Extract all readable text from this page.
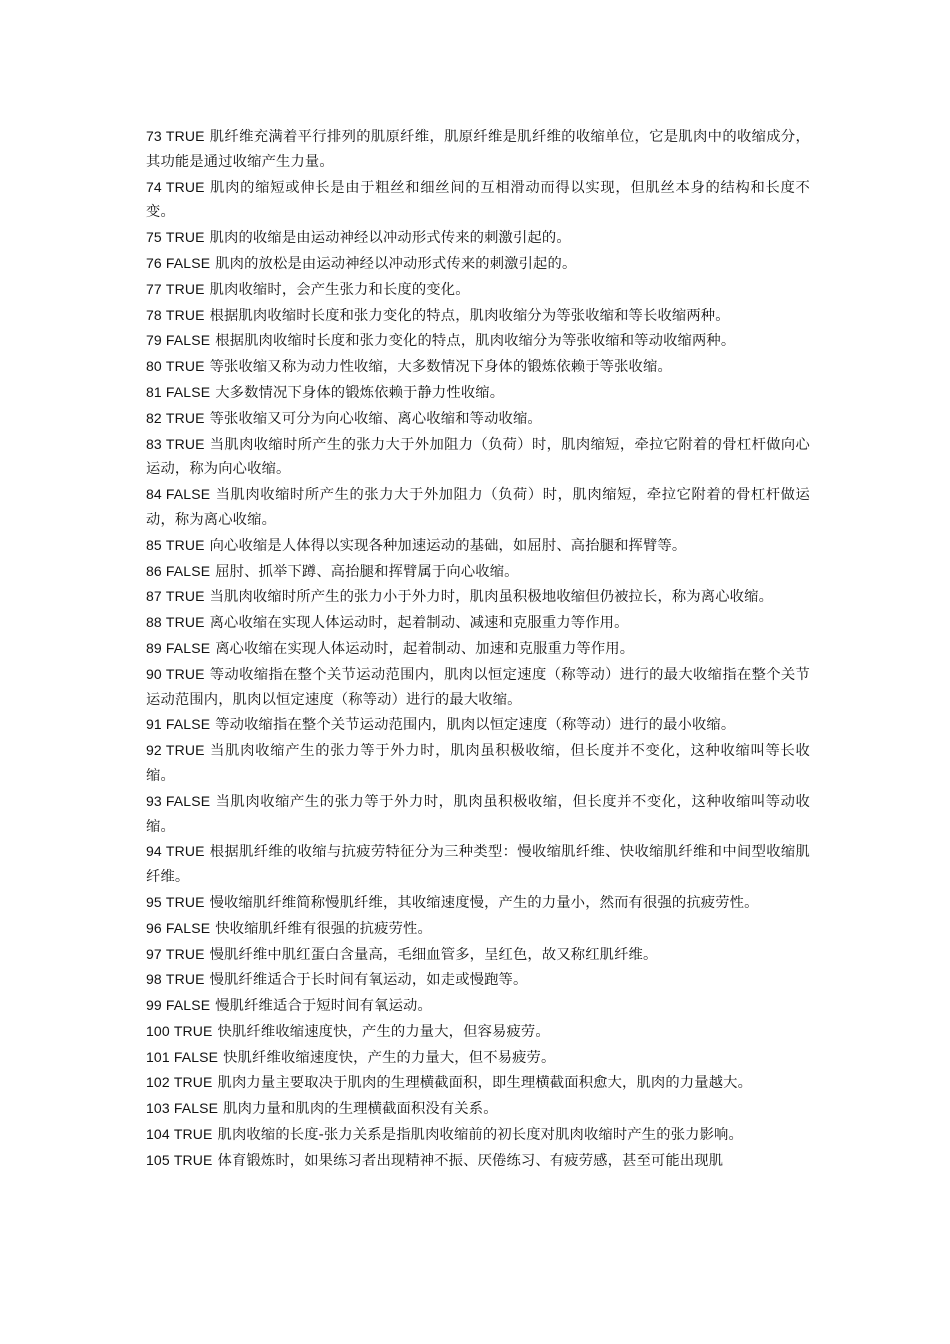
73 TRUE 肌纤维充满着平行排列的肌原纤维，肌原纤维是肌纤维的收缩单位，它是肌肉中的收缩成分，其功能是通过收缩产生力量。

74 TRUE 肌肉的缩短或伸长是由于粗丝和细丝间的互相滑动而得以实现，但肌丝本身的结构和长度不变。

75 TRUE 肌肉的收缩是由运动神经以冲动形式传来的刺激引起的。

76 FALSE 肌肉的放松是由运动神经以冲动形式传来的刺激引起的。

77 TRUE 肌肉收缩时，会产生张力和长度的变化。

78 TRUE 根据肌肉收缩时长度和张力变化的特点，肌肉收缩分为等张收缩和等长收缩两种。

79 FALSE 根据肌肉收缩时长度和张力变化的特点，肌肉收缩分为等张收缩和等动收缩两种。

80 TRUE 等张收缩又称为动力性收缩，大多数情况下身体的锻炼依赖于等张收缩。

81 FALSE 大多数情况下身体的锻炼依赖于静力性收缩。

82 TRUE 等张收缩又可分为向心收缩、离心收缩和等动收缩。

83 TRUE 当肌肉收缩时所产生的张力大于外加阻力（负荷）时，肌肉缩短，牵拉它附着的骨杠杆做向心运动，称为向心收缩。

84 FALSE 当肌肉收缩时所产生的张力大于外加阻力（负荷）时，肌肉缩短，牵拉它附着的骨杠杆做运动，称为离心收缩。

85 TRUE 向心收缩是人体得以实现各种加速运动的基础，如屈肘、高抬腿和挥臂等。

86 FALSE 屈肘、抓举下蹲、高抬腿和挥臂属于向心收缩。

87 TRUE 当肌肉收缩时所产生的张力小于外力时，肌肉虽积极地收缩但仍被拉长，称为离心收缩。

88 TRUE 离心收缩在实现人体运动时，起着制动、减速和克服重力等作用。

89 FALSE 离心收缩在实现人体运动时，起着制动、加速和克服重力等作用。

90 TRUE 等动收缩指在整个关节运动范围内，肌肉以恒定速度（称等动）进行的最大收缩指在整个关节运动范围内，肌肉以恒定速度（称等动）进行的最大收缩。

91 FALSE 等动收缩指在整个关节运动范围内，肌肉以恒定速度（称等动）进行的最小收缩。

92 TRUE 当肌肉收缩产生的张力等于外力时，肌肉虽积极收缩，但长度并不变化，这种收缩叫等长收缩。

93 FALSE 当肌肉收缩产生的张力等于外力时，肌肉虽积极收缩，但长度并不变化，这种收缩叫等动收缩。

94 TRUE 根据肌纤维的收缩与抗疲劳特征分为三种类型：慢收缩肌纤维、快收缩肌纤维和中间型收缩肌纤维。

95 TRUE 慢收缩肌纤维简称慢肌纤维，其收缩速度慢，产生的力量小，然而有很强的抗疲劳性。

96 FALSE 快收缩肌纤维有很强的抗疲劳性。

97 TRUE 慢肌纤维中肌红蛋白含量高，毛细血管多，呈红色，故又称红肌纤维。

98 TRUE 慢肌纤维适合于长时间有氧运动，如走或慢跑等。

99 FALSE 慢肌纤维适合于短时间有氧运动。

100 TRUE 快肌纤维收缩速度快，产生的力量大，但容易疲劳。

101 FALSE 快肌纤维收缩速度快，产生的力量大，但不易疲劳。

102 TRUE 肌肉力量主要取决于肌肉的生理横截面积，即生理横截面积愈大，肌肉的力量越大。

103 FALSE 肌肉力量和肌肉的生理横截面积没有关系。

104 TRUE 肌肉收缩的长度-张力关系是指肌肉收缩前的初长度对肌肉收缩时产生的张力影响。

105 TRUE 体育锻炼时，如果练习者出现精神不振、厌倦练习、有疲劳感，甚至可能出现肌
